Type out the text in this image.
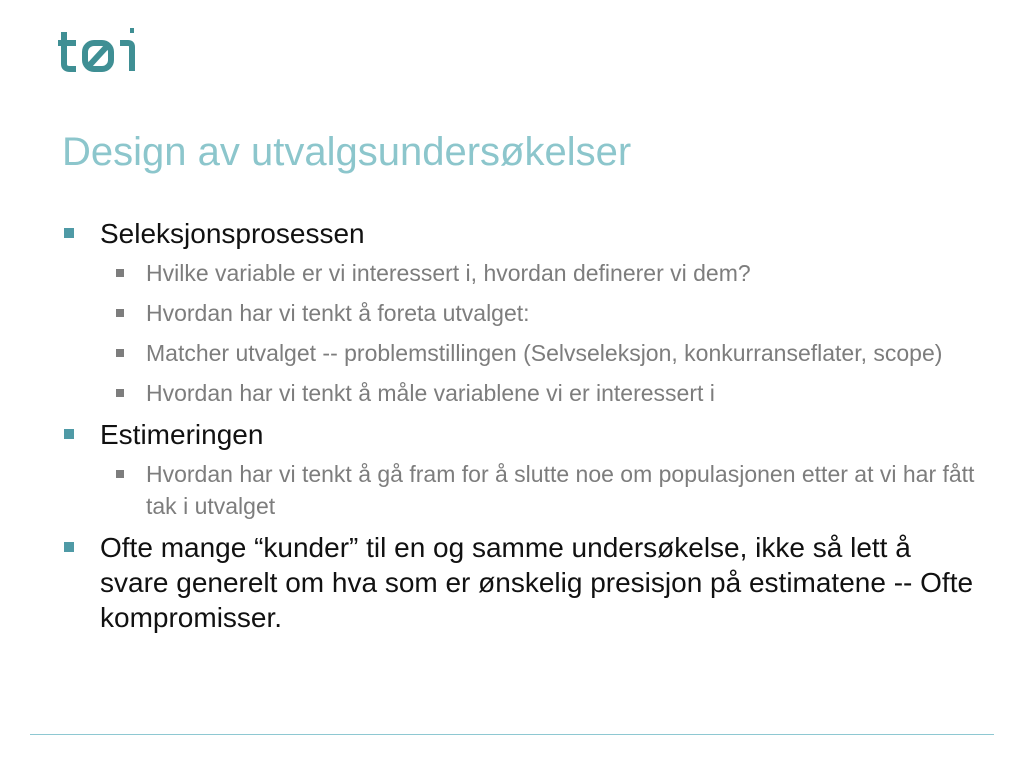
Design av utvalgsundersøkelser
Seleksjonsprosessen
Hvilke variable er vi interessert i, hvordan definerer vi dem?
Hvordan har vi tenkt å foreta utvalget:
Matcher utvalget -- problemstillingen (Selvseleksjon, konkurranseflater, scope)
Hvordan har vi tenkt å måle variablene vi er interessert i
Estimeringen
Hvordan har vi tenkt å gå fram for å slutte noe om populasjonen etter at vi har fått tak i utvalget
Ofte mange “kunder” til en og samme undersøkelse, ikke så lett å svare generelt om hva som er ønskelig presisjon på estimatene -- Ofte kompromisser.
